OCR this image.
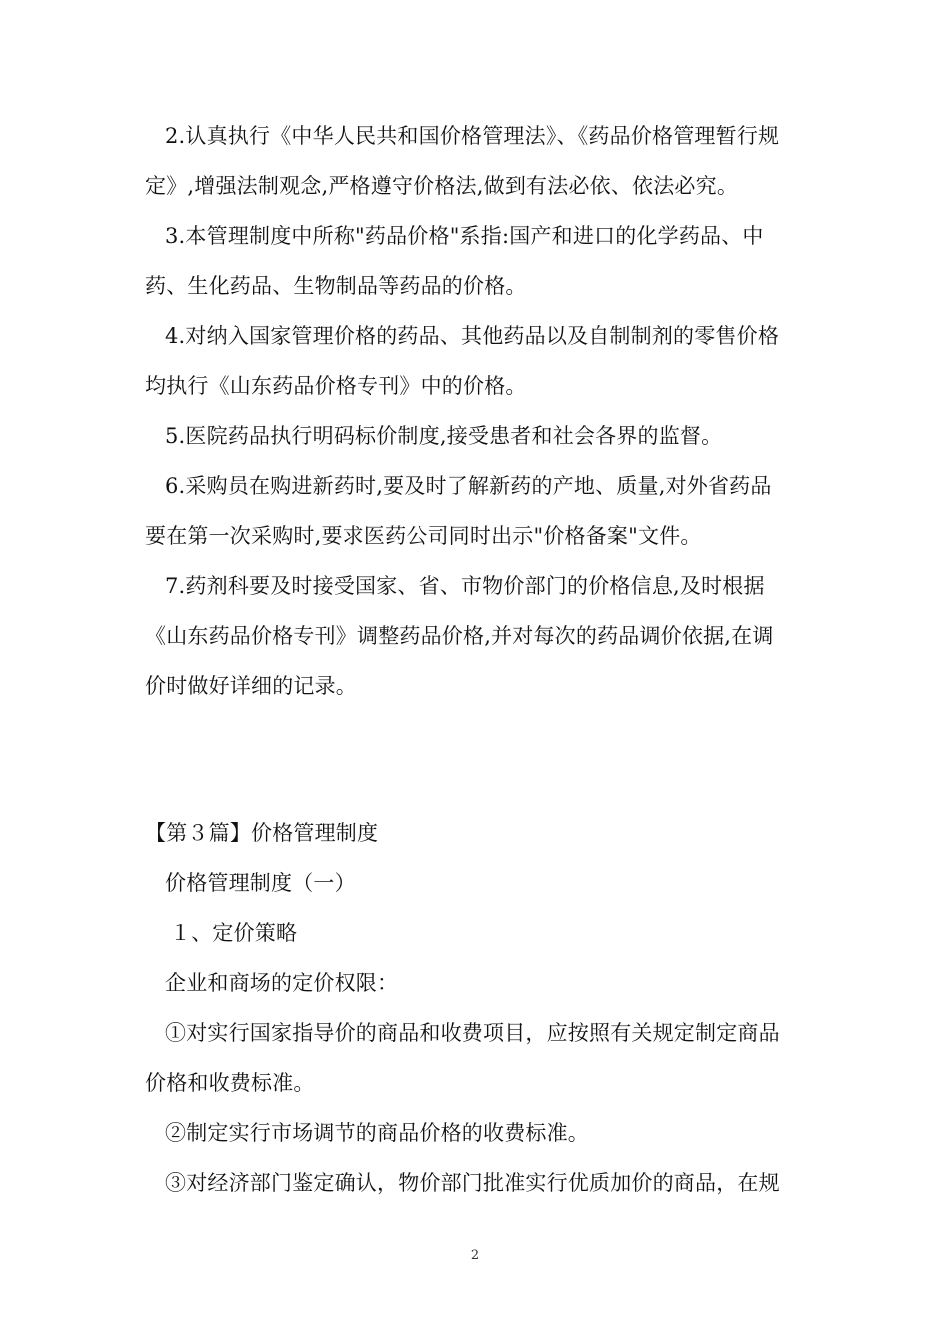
2.认真执行《中华人民共和国价格管理法》、《药品价格管理暂行规
定》,增强法制观念,严格遵守价格法,做到有法必依、依法必究。
3.本管理制度中所称"药品价格"系指:国产和进口的化学药品、中
药、生化药品、生物制品等药品的价格。
4.对纳入国家管理价格的药品、其他药品以及自制制剂的零售价格
均执行《山东药品价格专刊》中的价格。
5.医院药品执行明码标价制度,接受患者和社会各界的监督。
6.采购员在购进新药时,要及时了解新药的产地、质量,对外省药品
要在第一次采购时,要求医药公司同时出示"价格备案"文件。
7.药剂科要及时接受国家、省、市物价部门的价格信息,及时根据
《山东药品价格专刊》调整药品价格,并对每次的药品调价依据,在调
价时做好详细的记录。
【第３篇】价格管理制度
价格管理制度（一）
１、定价策略
企业和商场的定价权限：
①对实行国家指导价的商品和收费项目，应按照有关规定制定商品
价格和收费标准。
②制定实行市场调节的商品价格的收费标准。
③对经济部门鉴定确认，物价部门批准实行优质加价的商品，在规
2
